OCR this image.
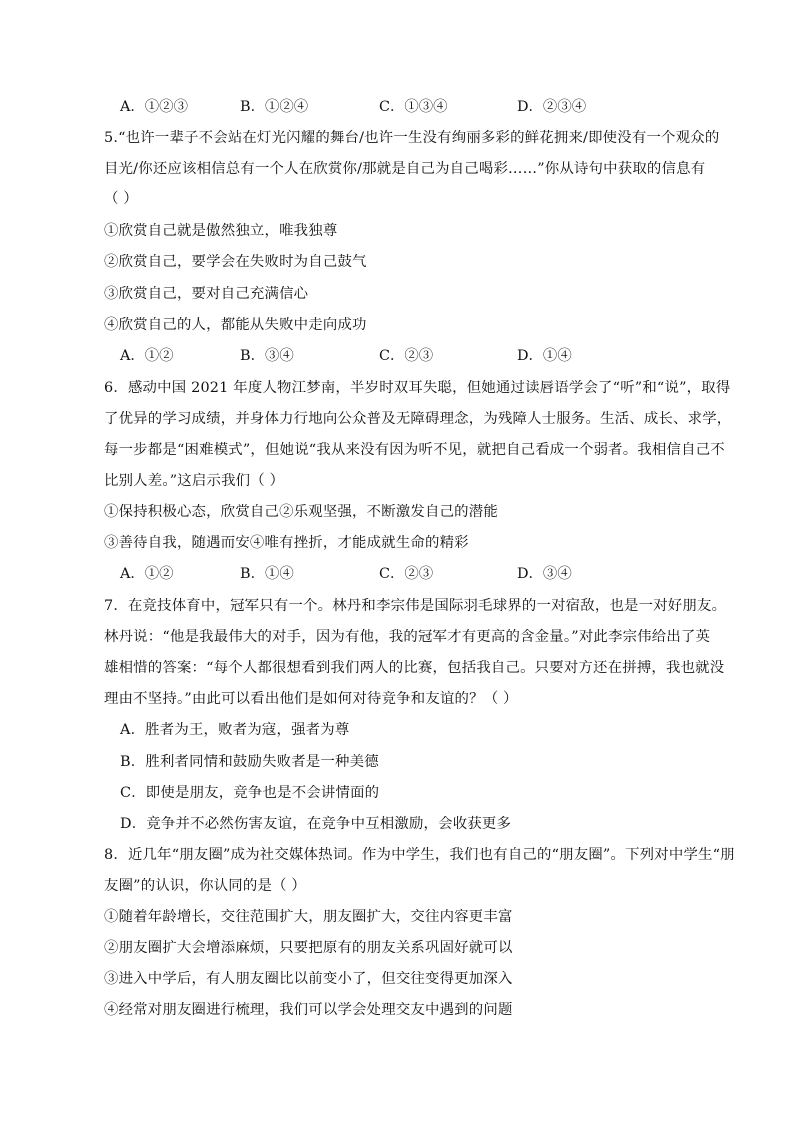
A．①②③	B．①②④	C．①③④	D．②③④
5.“也许一辈子不会站在灯光闪耀的舞台/也许一生没有绚丽多彩的鲜花拥来/即使没有一个观众的
目光/你还应该相信总有一个人在欣赏你/那就是自己为自己喝彩……”你从诗句中获取的信息有
（ ）
①欣赏自己就是傲然独立，唯我独尊
②欣赏自己，要学会在失败时为自己鼓气
③欣赏自己，要对自己充满信心
④欣赏自己的人，都能从失败中走向成功
A．①②	B．③④	C．②③	D．①④
6．感动中国 2021 年度人物江梦南，半岁时双耳失聪，但她通过读唇语学会了“听”和“说”，取得
了优异的学习成绩，并身体力行地向公众普及无障碍理念，为残障人士服务。生活、成长、求学，
每一步都是“困难模式”，但她说“我从来没有因为听不见，就把自己看成一个弱者。我相信自己不
比别人差。”这启示我们（ ）
①保持积极心态，欣赏自己②乐观坚强，不断激发自己的潜能
③善待自我，随遇而安④唯有挫折，才能成就生命的精彩
A．①②	B．①④	C．②③	D．③④
7．在竞技体育中，冠军只有一个。林丹和李宗伟是国际羽毛球界的一对宿敌，也是一对好朋友。
林丹说：“他是我最伟大的对手，因为有他，我的冠军才有更高的含金量。”对此李宗伟给出了英
雄相惜的答案：“每个人都很想看到我们两人的比赛，包括我自己。只要对方还在拼搏，我也就没
理由不坚持。”由此可以看出他们是如何对待竞争和友谊的？（ ）
A．胜者为王，败者为寇，强者为尊
B．胜利者同情和鼓励失败者是一种美德
C．即使是朋友，竞争也是不会讲情面的
D．竞争并不必然伤害友谊，在竞争中互相激励，会收获更多
8．近几年“朋友圈”成为社交媒体热词。作为中学生，我们也有自己的“朋友圈”。下列对中学生“朋
友圈”的认识，你认同的是（ ）
①随着年龄增长，交往范围扩大，朋友圈扩大，交往内容更丰富
②朋友圈扩大会增添麻烦，只要把原有的朋友关系巩固好就可以
③进入中学后，有人朋友圈比以前变小了，但交往变得更加深入
④经常对朋友圈进行梳理，我们可以学会处理交友中遇到的问题
